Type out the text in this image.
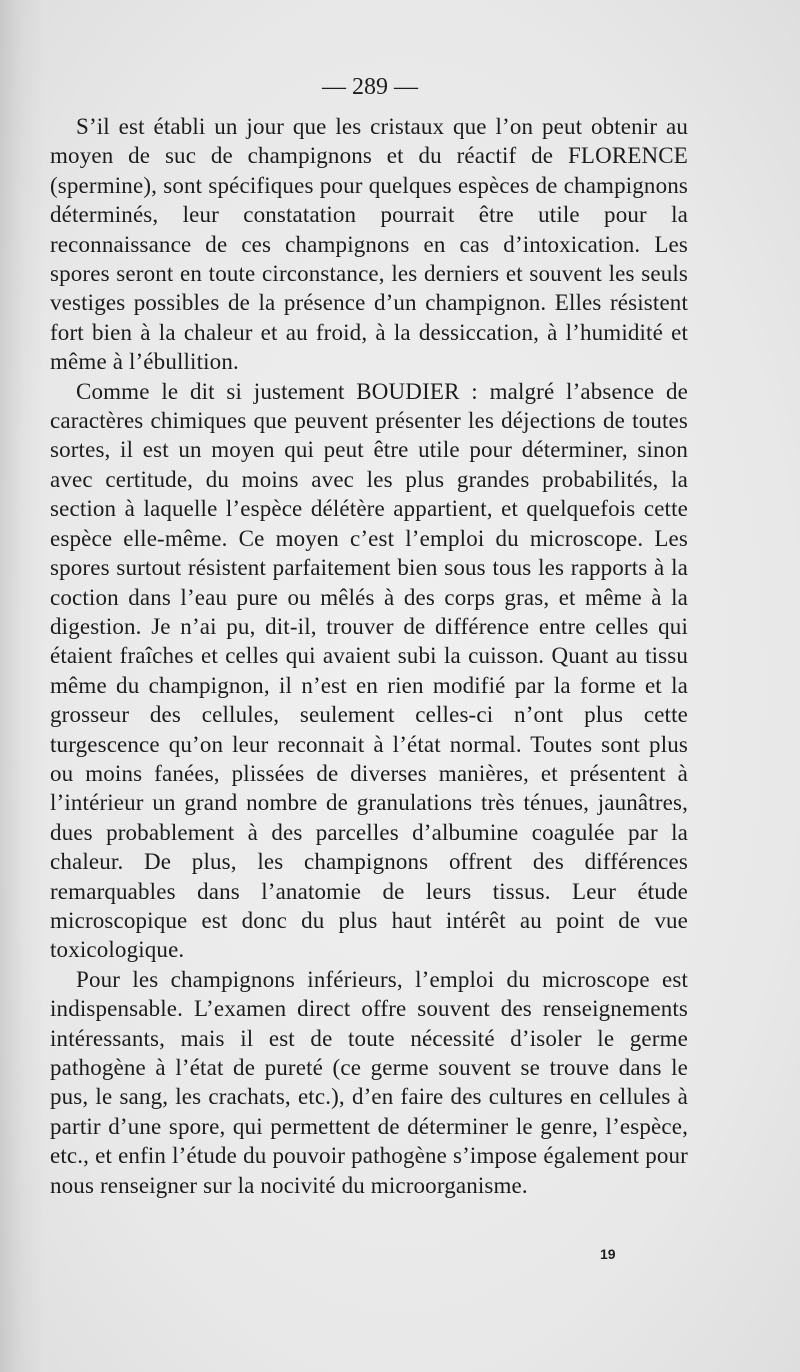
— 289 —

S’il est établi un jour que les cristaux que l’on peut obtenir au moyen de suc de champignons et du réactif de FLORENCE (spermine), sont spécifiques pour quelques espèces de champignons déterminés, leur constatation pourrait être utile pour la reconnaissance de ces champignons en cas d’intoxication. Les spores seront en toute circonstance, les derniers et souvent les seuls vestiges possibles de la présence d’un champignon. Elles résistent fort bien à la chaleur et au froid, à la dessiccation, à l’humidité et même à l’ébullition.

Comme le dit si justement BOUDIER : malgré l’absence de caractères chimiques que peuvent présenter les déjections de toutes sortes, il est un moyen qui peut être utile pour déterminer, sinon avec certitude, du moins avec les plus grandes probabilités, la section à laquelle l’espèce délétère appartient, et quelquefois cette espèce elle-même. Ce moyen c’est l’emploi du microscope. Les spores surtout résistent parfaitement bien sous tous les rapports à la coction dans l’eau pure ou mêlés à des corps gras, et même à la digestion. Je n’ai pu, dit-il, trouver de différence entre celles qui étaient fraîches et celles qui avaient subi la cuisson. Quant au tissu même du champignon, il n’est en rien modifié par la forme et la grosseur des cellules, seulement celles-ci n’ont plus cette turgescence qu’on leur reconnait à l’état normal. Toutes sont plus ou moins fanées, plissées de diverses manières, et présentent à l’intérieur un grand nombre de granulations très ténues, jaunâtres, dues probablement à des parcelles d’albumine coagulée par la chaleur. De plus, les champignons offrent des différences remarquables dans l’anatomie de leurs tissus. Leur étude microscopique est donc du plus haut intérêt au point de vue toxicologique.

Pour les champignons inférieurs, l’emploi du microscope est indispensable. L’examen direct offre souvent des renseignements intéressants, mais il est de toute nécessité d’isoler le germe pathogène à l’état de pureté (ce germe souvent se trouve dans le pus, le sang, les crachats, etc.), d’en faire des cultures en cellules à partir d’une spore, qui permettent de déterminer le genre, l’espèce, etc., et enfin l’étude du pouvoir pathogène s’impose également pour nous renseigner sur la nocivité du microorganisme.

19
